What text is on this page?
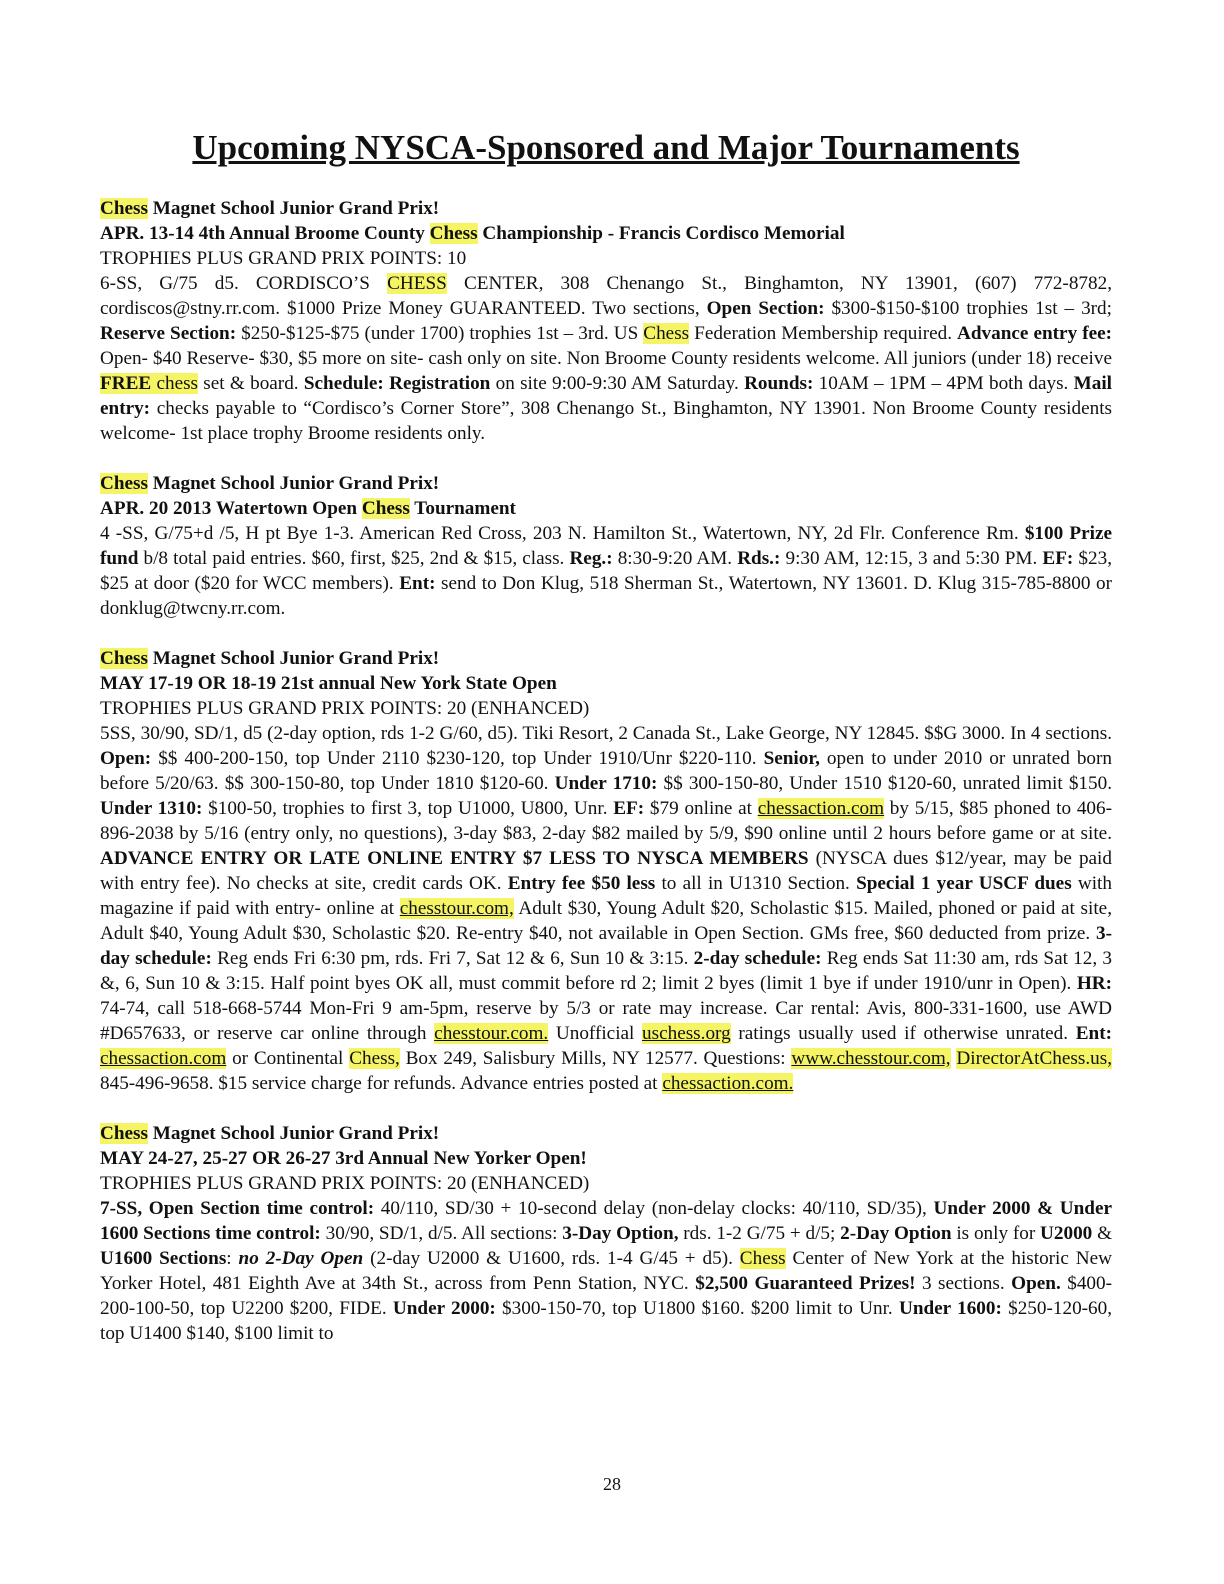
Upcoming NYSCA-Sponsored and Major Tournaments

Chess Magnet School Junior Grand Prix!

APR. 13-14 4th Annual Broome County Chess Championship - Francis Cordisco Memorial

TROPHIES PLUS GRAND PRIX POINTS: 10

6-SS, G/75 d5. CORDISCO’S CHESS CENTER, 308 Chenango St., Binghamton, NY 13901, (607) 772-8782, cordiscos@stny.rr.com. $1000 Prize Money GUARANTEED. Two sections, Open Section: $300-$150-$100 trophies 1st – 3rd; Reserve Section: $250-$125-$75 (under 1700) trophies 1st – 3rd. US Chess Federation Membership required. Advance entry fee: Open- $40 Reserve- $30, $5 more on site- cash only on site. Non Broome County residents welcome. All juniors (under 18) receive FREE chess set & board. Schedule: Registration on site 9:00-9:30 AM Saturday. Rounds: 10AM – 1PM – 4PM both days. Mail entry: checks payable to “Cordisco’s Corner Store”, 308 Chenango St., Binghamton, NY 13901. Non Broome County residents welcome- 1st place trophy Broome residents only.

Chess Magnet School Junior Grand Prix!

APR. 20 2013 Watertown Open Chess Tournament

4 -SS, G/75+d /5, H pt Bye 1-3. American Red Cross, 203 N. Hamilton St., Watertown, NY, 2d Flr. Conference Rm. $100 Prize fund b/8 total paid entries. $60, first, $25, 2nd & $15, class. Reg.: 8:30-9:20 AM. Rds.: 9:30 AM, 12:15, 3 and 5:30 PM. EF: $23, $25 at door ($20 for WCC members). Ent: send to Don Klug, 518 Sherman St., Watertown, NY 13601. D. Klug 315-785-8800 or donklug@twcny.rr.com.

Chess Magnet School Junior Grand Prix!

MAY 17-19 OR 18-19 21st annual New York State Open

TROPHIES PLUS GRAND PRIX POINTS: 20 (ENHANCED)

5SS, 30/90, SD/1, d5 (2-day option, rds 1-2 G/60, d5). Tiki Resort, 2 Canada St., Lake George, NY 12845. $$G 3000. In 4 sections. Open: $$ 400-200-150, top Under 2110 $230-120, top Under 1910/Unr $220-110. Senior, open to under 2010 or unrated born before 5/20/63. $$ 300-150-80, top Under 1810 $120-60. Under 1710: $$ 300-150-80, Under 1510 $120-60, unrated limit $150. Under 1310: $100-50, trophies to first 3, top U1000, U800, Unr. EF: $79 online at chessaction.com by 5/15, $85 phoned to 406-896-2038 by 5/16 (entry only, no questions), 3-day $83, 2-day $82 mailed by 5/9, $90 online until 2 hours before game or at site. ADVANCE ENTRY OR LATE ONLINE ENTRY $7 LESS TO NYSCA MEMBERS (NYSCA dues $12/year, may be paid with entry fee). No checks at site, credit cards OK. Entry fee $50 less to all in U1310 Section. Special 1 year USCF dues with magazine if paid with entry- online at chesstour.com, Adult $30, Young Adult $20, Scholastic $15. Mailed, phoned or paid at site, Adult $40, Young Adult $30, Scholastic $20. Re-entry $40, not available in Open Section. GMs free, $60 deducted from prize. 3-day schedule: Reg ends Fri 6:30 pm, rds. Fri 7, Sat 12 & 6, Sun 10 & 3:15. 2-day schedule: Reg ends Sat 11:30 am, rds Sat 12, 3 &, 6, Sun 10 & 3:15. Half point byes OK all, must commit before rd 2; limit 2 byes (limit 1 bye if under 1910/unr in Open). HR: 74-74, call 518-668-5744 Mon-Fri 9 am-5pm, reserve by 5/3 or rate may increase. Car rental: Avis, 800-331-1600, use AWD #D657633, or reserve car online through chesstour.com. Unofficial uschess.org ratings usually used if otherwise unrated. Ent: chessaction.com or Continental Chess, Box 249, Salisbury Mills, NY 12577. Questions: www.chesstour.com, DirectorAtChess.us, 845-496-9658. $15 service charge for refunds. Advance entries posted at chessaction.com.

Chess Magnet School Junior Grand Prix!

MAY 24-27, 25-27 OR 26-27 3rd Annual New Yorker Open!

TROPHIES PLUS GRAND PRIX POINTS: 20 (ENHANCED)

7-SS, Open Section time control: 40/110, SD/30 + 10-second delay (non-delay clocks: 40/110, SD/35), Under 2000 & Under 1600 Sections time control: 30/90, SD/1, d/5. All sections: 3-Day Option, rds. 1-2 G/75 + d/5; 2-Day Option is only for U2000 & U1600 Sections: no 2-Day Open (2-day U2000 & U1600, rds. 1-4 G/45 + d5). Chess Center of New York at the historic New Yorker Hotel, 481 Eighth Ave at 34th St., across from Penn Station, NYC. $2,500 Guaranteed Prizes! 3 sections. Open. $400-200-100-50, top U2200 $200, FIDE. Under 2000: $300-150-70, top U1800 $160. $200 limit to Unr. Under 1600: $250-120-60, top U1400 $140, $100 limit to

28
